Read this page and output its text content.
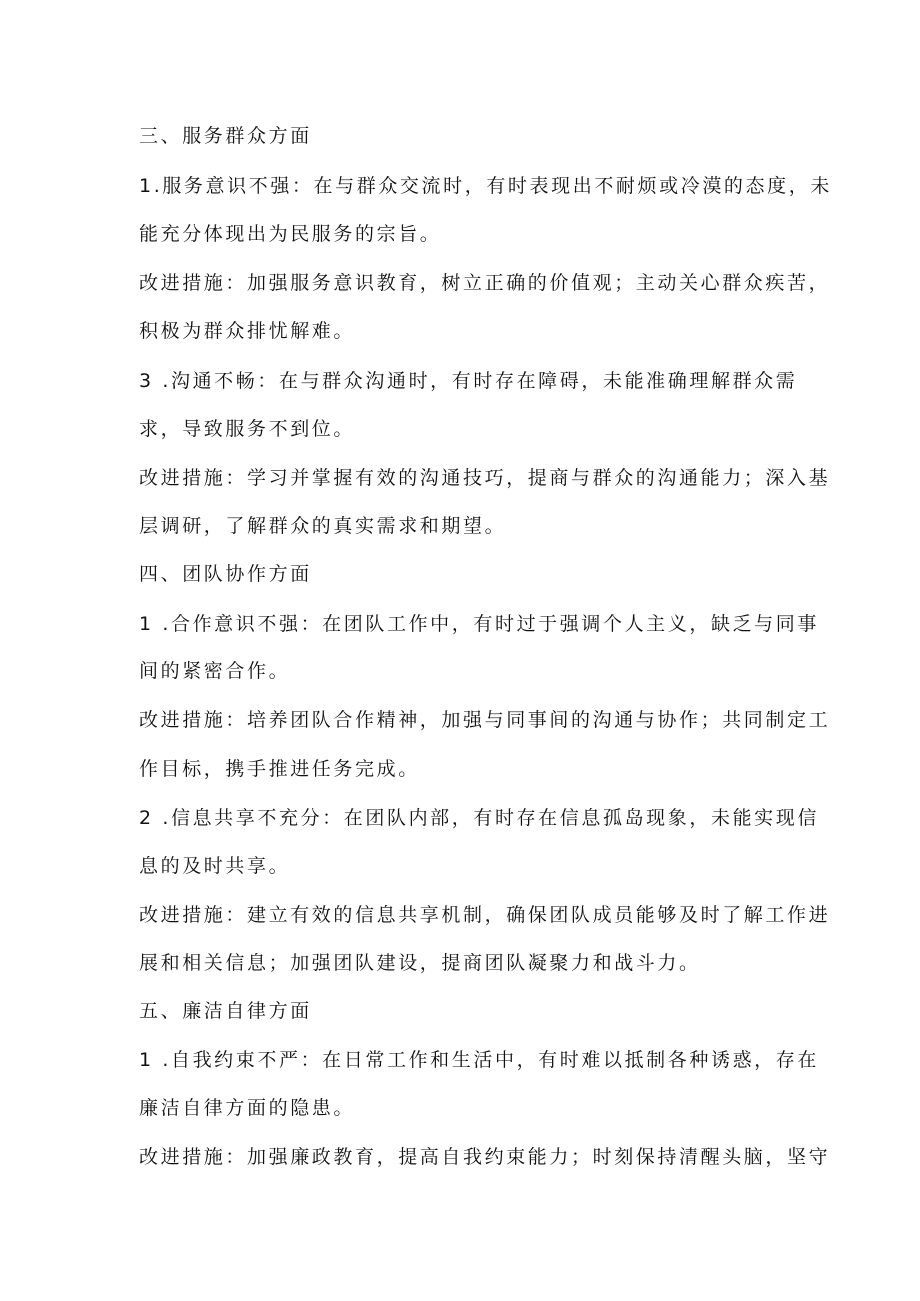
三、服务群众方面
1.服务意识不强：在与群众交流时，有时表现出不耐烦或冷漠的态度，未
能充分体现出为民服务的宗旨。
改进措施：加强服务意识教育，树立正确的价值观；主动关心群众疾苦，
积极为群众排忧解难。
3 .沟通不畅：在与群众沟通时，有时存在障碍，未能准确理解群众需
求，导致服务不到位。
改进措施：学习并掌握有效的沟通技巧，提商与群众的沟通能力；深入基
层调研，了解群众的真实需求和期望。
四、团队协作方面
1 .合作意识不强：在团队工作中，有时过于强调个人主义，缺乏与同事
间的紧密合作。
改进措施：培养团队合作精神，加强与同事间的沟通与协作；共同制定工
作目标，携手推进任务完成。
2 .信息共享不充分：在团队内部，有时存在信息孤岛现象，未能实现信
息的及时共享。
改进措施：建立有效的信息共享机制，确保团队成员能够及时了解工作进
展和相关信息；加强团队建设，提商团队凝聚力和战斗力。
五、廉洁自律方面
1 .自我约束不严：在日常工作和生活中，有时难以抵制各种诱惑，存在
廉洁自律方面的隐患。
改进措施：加强廉政教育，提高自我约束能力；时刻保持清醒头脑，坚守
